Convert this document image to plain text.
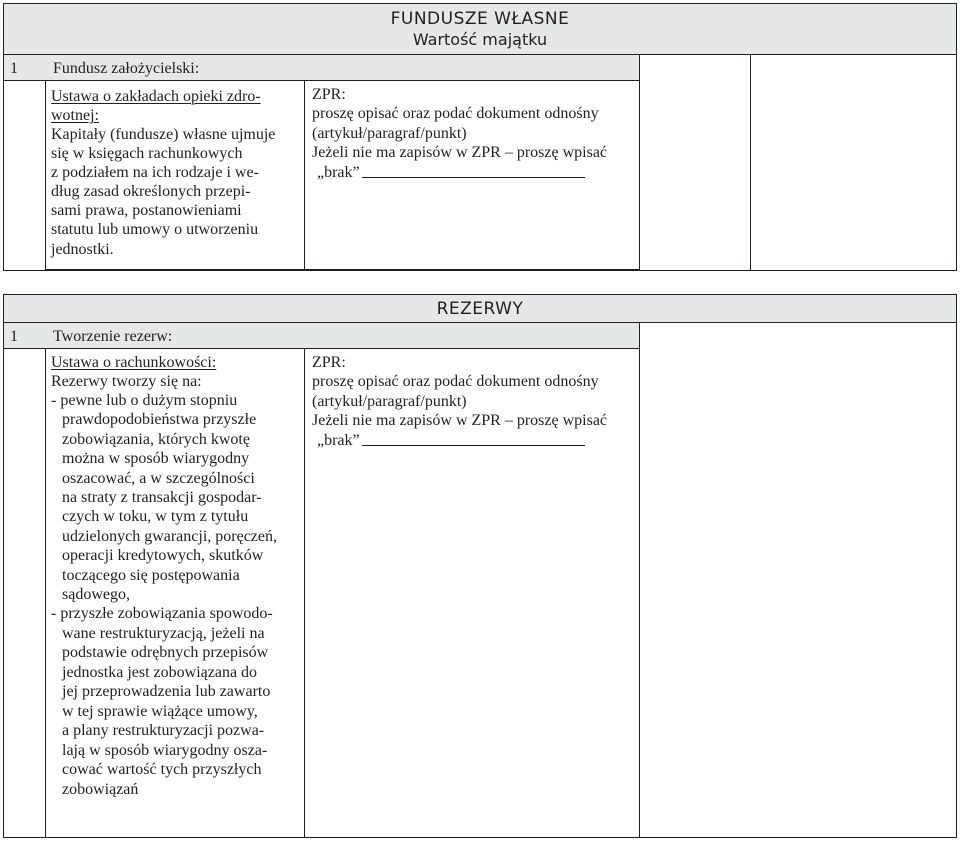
FUNDUSZE WŁASNE
Wartość majątku
1 Fundusz założycielski:
Ustawa o zakładach opieki zdro-
wotnej:
Kapitały (fundusze) własne ujmuje
się w księgach rachunkowych
z podziałem na ich rodzaje i we-
dług zasad określonych przepi-
sami prawa, postanowieniami
statutu lub umowy o utworzeniu
jednostki.
ZPR:
proszę opisać oraz podać dokument odnośny
(artykuł/paragraf/punkt)
Jeżeli nie ma zapisów w ZPR – proszę wpisać
„brak”
REZERWY
1 Tworzenie rezerw:
Ustawa o rachunkowości:
Rezerwy tworzy się na:
- pewne lub o dużym stopniu
prawdopodobieństwa przyszłe
zobowiązania, których kwotę
można w sposób wiarygodny
oszacować, a w szczególności
na straty z transakcji gospodar-
czych w toku, w tym z tytułu
udzielonych gwarancji, poręczeń,
operacji kredytowych, skutków
toczącego się postępowania
sądowego,
- przyszłe zobowiązania spowodo-
wane restrukturyzacją, jeżeli na
podstawie odrębnych przepisów
jednostka jest zobowiązana do
jej przeprowadzenia lub zawarto
w tej sprawie wiążące umowy,
a plany restrukturyzacji pozwa-
lają w sposób wiarygodny osza-
cować wartość tych przyszłych
zobowiązań
ZPR:
proszę opisać oraz podać dokument odnośny
(artykuł/paragraf/punkt)
Jeżeli nie ma zapisów w ZPR – proszę wpisać
„brak”
